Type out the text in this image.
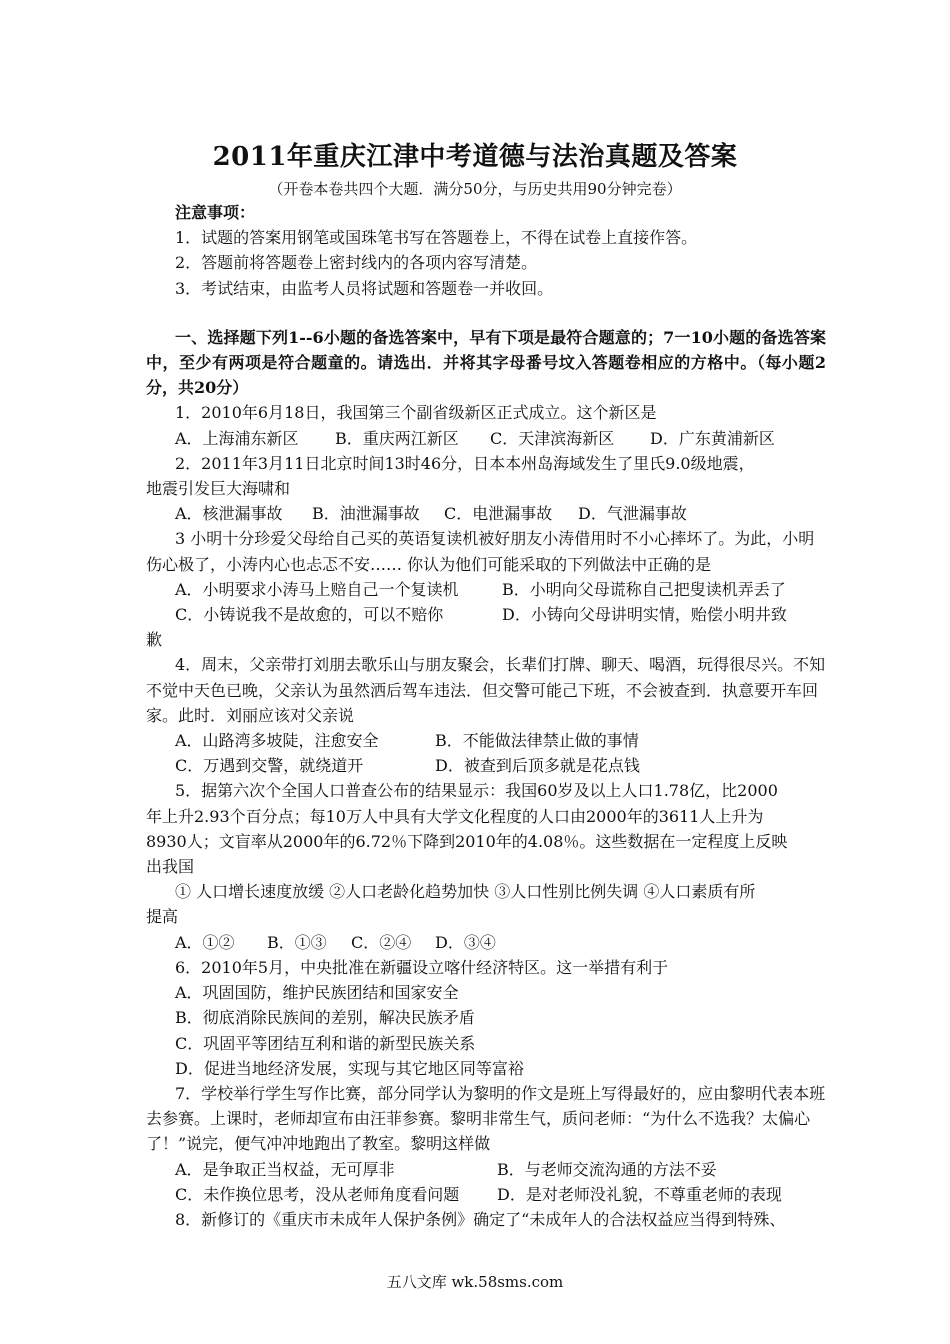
2011年重庆江津中考道德与法治真题及答案
（开卷本卷共四个大题．满分50分，与历史共用90分钟完卷）

注意事项：

1．试题的答案用钢笔或国珠笔书写在答题卷上，不得在试卷上直接作答。

2．答题前将答题卷上密封线内的各项内容写清楚。

3．考试结束，由监考人员将试题和答题卷一并收回。

一、选择题下列1--6小题的备选答案中，早有下项是最符合题意的；7一10小题的备选答案中，至少有两项是符合题童的。请选出．并将其字母番号坟入答题卷相应的方格中。（每小题2分，共20分）

1．2010年6月18日，我国第三个副省级新区正式成立。这个新区是

A．上海浦东新区	B．重庆两江新区	C．天津滨海新区	D．广东黄浦新区

2．2011年3月11日北京时间13时46分，日本本州岛海域发生了里氏9.0级地震，

地震引发巨大海啸和

A．核泄漏事故	B．油泄漏事故	C．电泄漏事故	D．气泄漏事故

3 小明十分珍爱父母给自己买的英语复读机被好朋友小涛借用时不小心摔坏了。为此，小明伤心极了，小涛内心也忐忑不安…… 你认为他们可能采取的下列做法中正确的是

A．小明要求小涛马上赔自己一个复读机	B．小明向父母谎称自己把叟读机弄丢了
C．小铸说我不是故愈的，可以不赔你	D．小铸向父母讲明实情，贻偿小明井致

歉

4．周末，父亲带打刘朋去歌乐山与朋友聚会，长辈们打牌、聊天、喝酒，玩得很尽兴。不知不觉中天色已晚，父亲认为虽然洒后驾车违法．但交警可能己下班，不会被查到．执意要开车回家。此时．刘丽应该对父亲说

A．山路湾多坡陡，注愈安全	B．不能做法律禁止做的事情
C．万遇到交警，就绕道开	D．被查到后顶多就是花点钱

5．据第六次个全国人口普查公布的结果显示：我国60岁及以上人口1.78亿，比2000

年上升2.93个百分点；每10万人中具有大学文化程度的人口由2000年的3611人上升为

8930人；文盲率从2000年的6.72％下降到2010年的4.08％。这些数据在一定程度上反映

出我国

① 人口增长速度放缓 ②人口老龄化趋势加快 ③人口性别比例失调 ④人口素质有所

提高

A．①②	B．①③	C．②④	D．③④

6．2010年5月，中央批准在新疆设立喀什经济特区。这一举措有利于

A．巩固国防，维护民族团结和国家安全

B．彻底消除民族间的差别，解决民族矛盾

C．巩固平等团结互利和谐的新型民族关系

D．促进当地经济发展，实现与其它地区同等富裕

7．学校举行学生写作比赛，部分同学认为黎明的作文是班上写得最好的，应由黎明代表本班去参赛。上课时，老师却宣布由汪菲参赛。黎明非常生气，质问老师：“为什么不选我？太偏心了！”说完，便气冲冲地跑出了教室。黎明这样做

A．是争取正当权益，无可厚非	B．与老师交流沟通的方法不妥
C．未作换位思考，没从老师角度看问题	D．是对老师没礼貌，不尊重老师的表现

8．新修订的《重庆市未成年人保护条例》确定了“未成年人的合法权益应当得到特殊、

五八文库 wk.58sms.com
